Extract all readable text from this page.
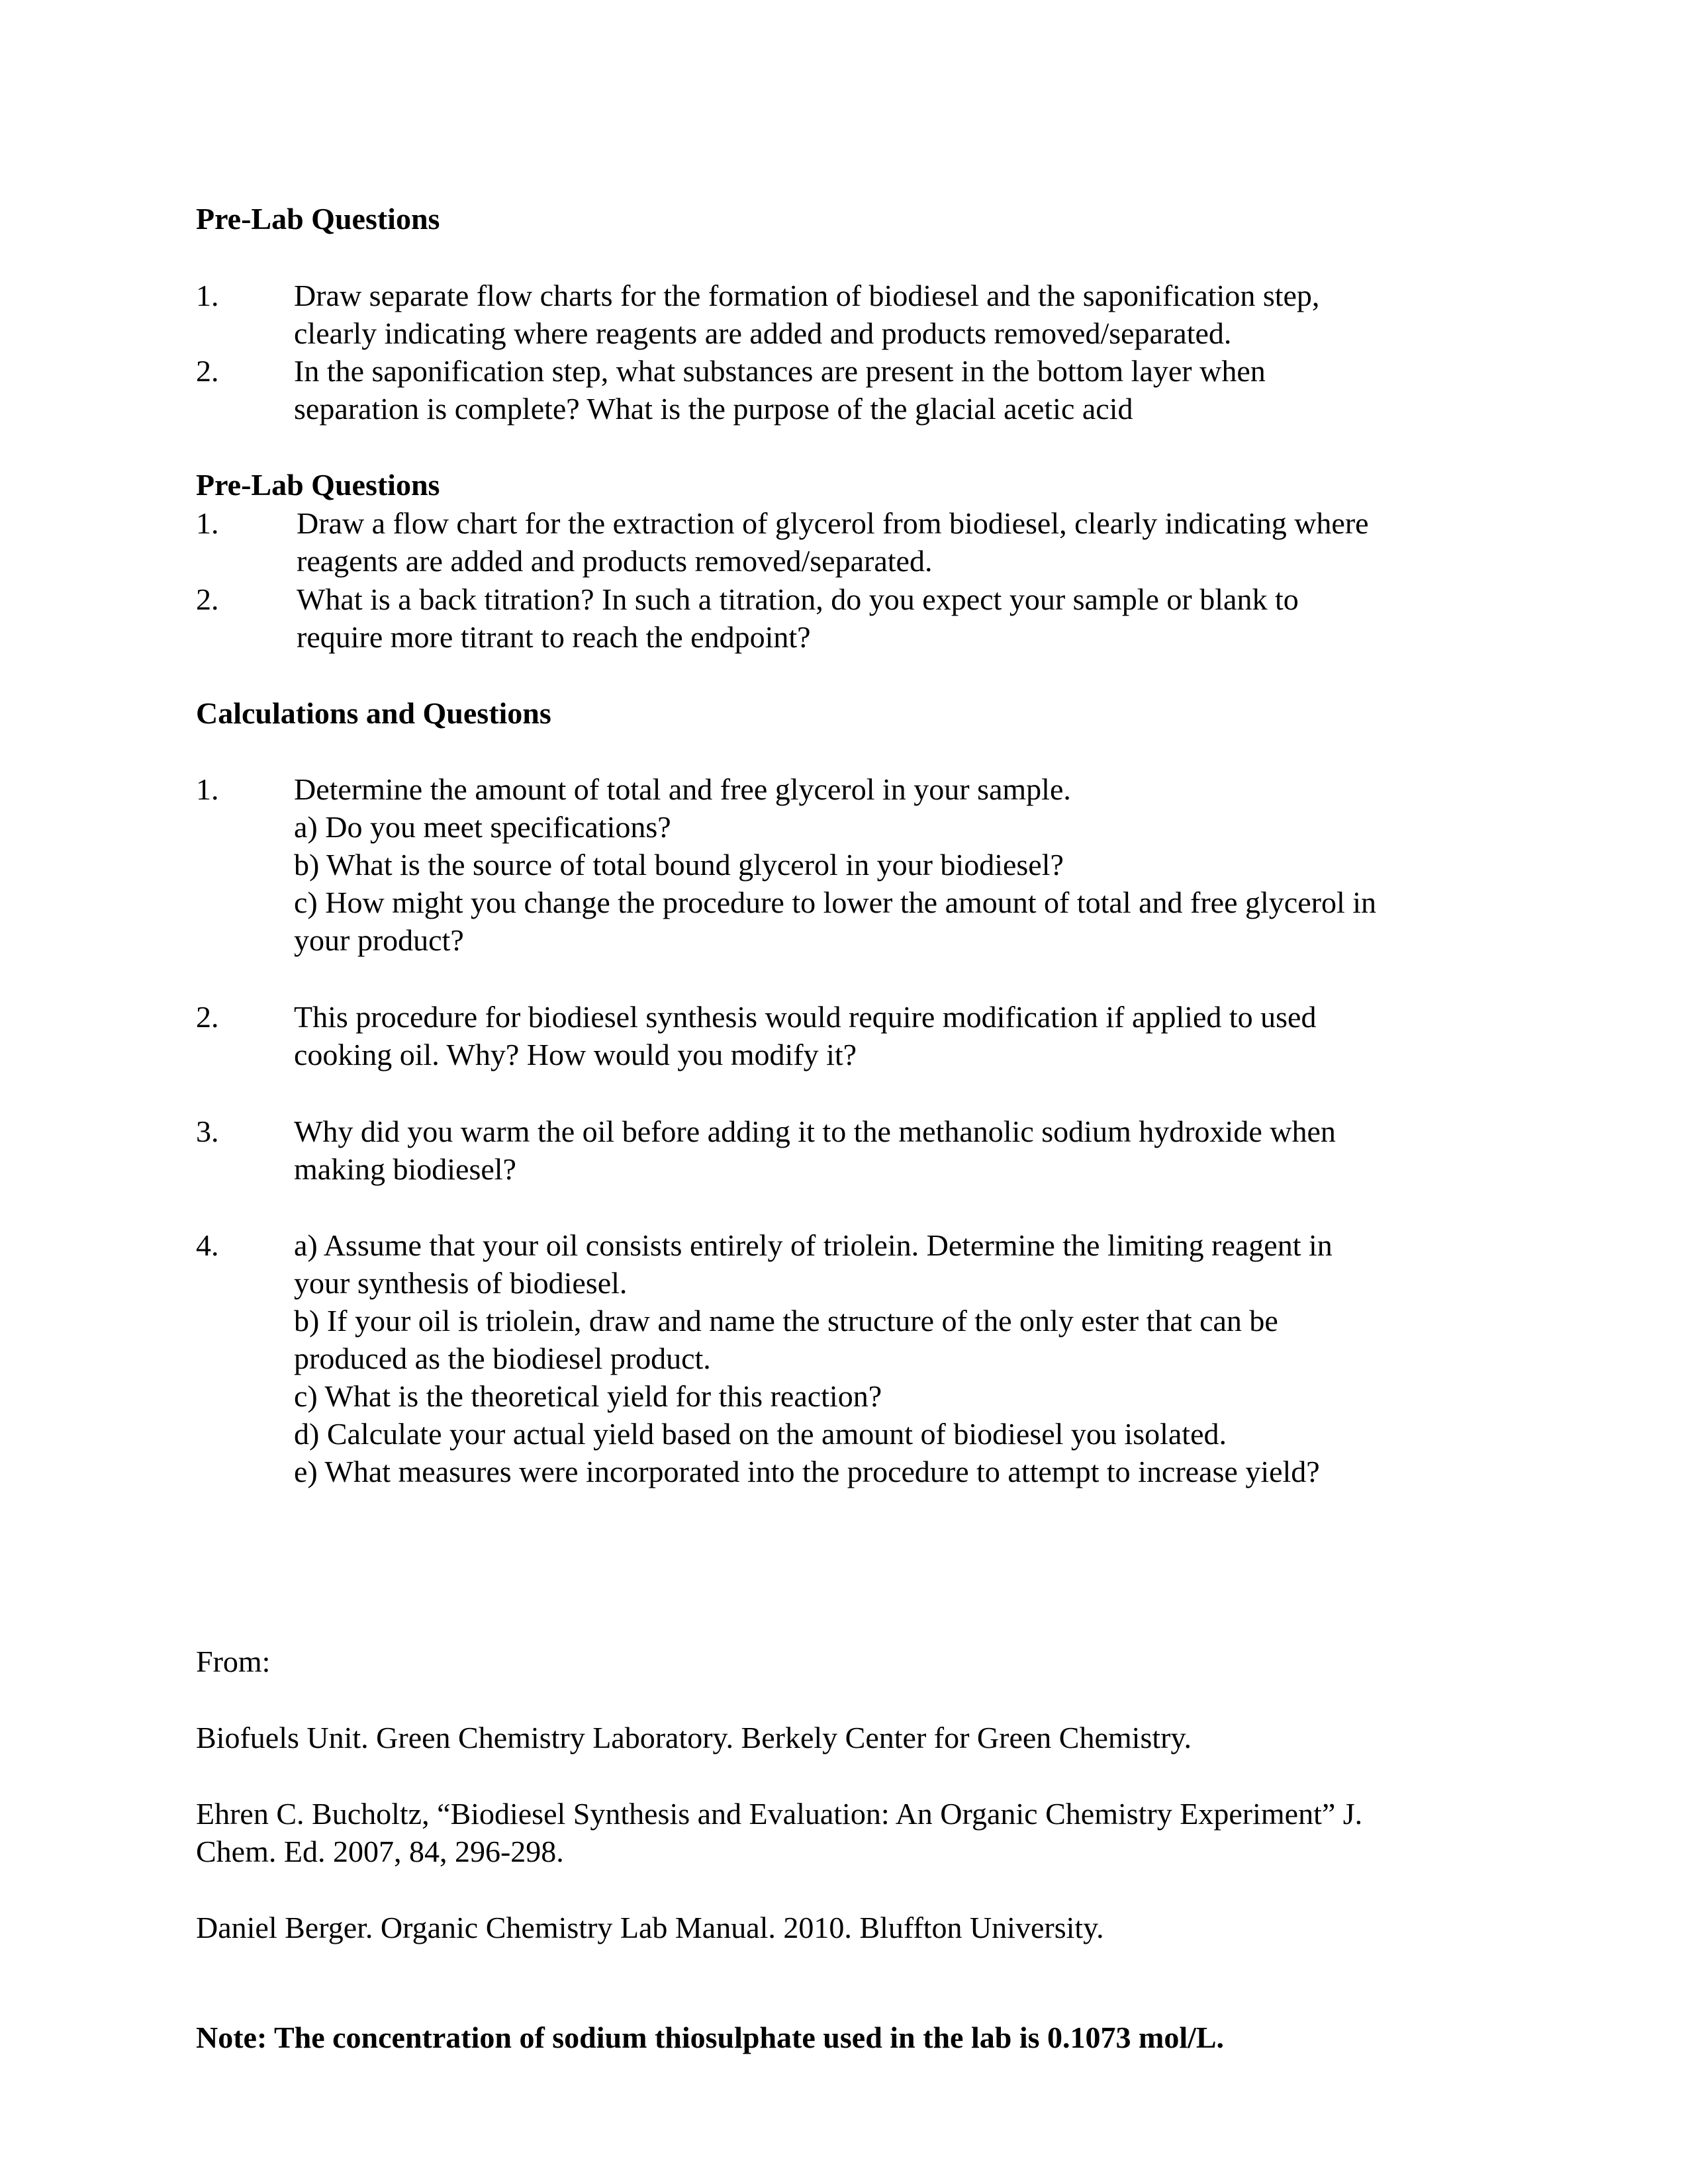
Pre-Lab Questions
1. Draw separate flow charts for the formation of biodiesel and the saponification step,
clearly indicating where reagents are added and products removed/separated.
2. In the saponification step, what substances are present in the bottom layer when
separation is complete? What is the purpose of the glacial acetic acid
Pre-Lab Questions
1.	Draw a flow chart for the extraction of glycerol from biodiesel, clearly indicating where
reagents are added and products removed/separated.
2.	What is a back titration? In such a titration, do you expect your sample or blank to
require more titrant to reach the endpoint?
Calculations and Questions
1. Determine the amount of total and free glycerol in your sample.
a) Do you meet specifications?
b) What is the source of total bound glycerol in your biodiesel?
c) How might you change the procedure to lower the amount of total and free glycerol in
your product?
2. This procedure for biodiesel synthesis would require modification if applied to used
cooking oil. Why? How would you modify it?
3. Why did you warm the oil before adding it to the methanolic sodium hydroxide when
making biodiesel?
4. a) Assume that your oil consists entirely of triolein. Determine the limiting reagent in
your synthesis of biodiesel.
b) If your oil is triolein, draw and name the structure of the only ester that can be
produced as the biodiesel product.
c) What is the theoretical yield for this reaction?
d) Calculate your actual yield based on the amount of biodiesel you isolated.
e) What measures were incorporated into the procedure to attempt to increase yield?
From:
Biofuels Unit. Green Chemistry Laboratory. Berkely Center for Green Chemistry.
Ehren C. Bucholtz, “Biodiesel Synthesis and Evaluation: An Organic Chemistry Experiment” J.
Chem. Ed. 2007, 84, 296-298.
Daniel Berger. Organic Chemistry Lab Manual. 2010. Bluffton University.
Note: The concentration of sodium thiosulphate used in the lab is 0.1073 mol/L.
